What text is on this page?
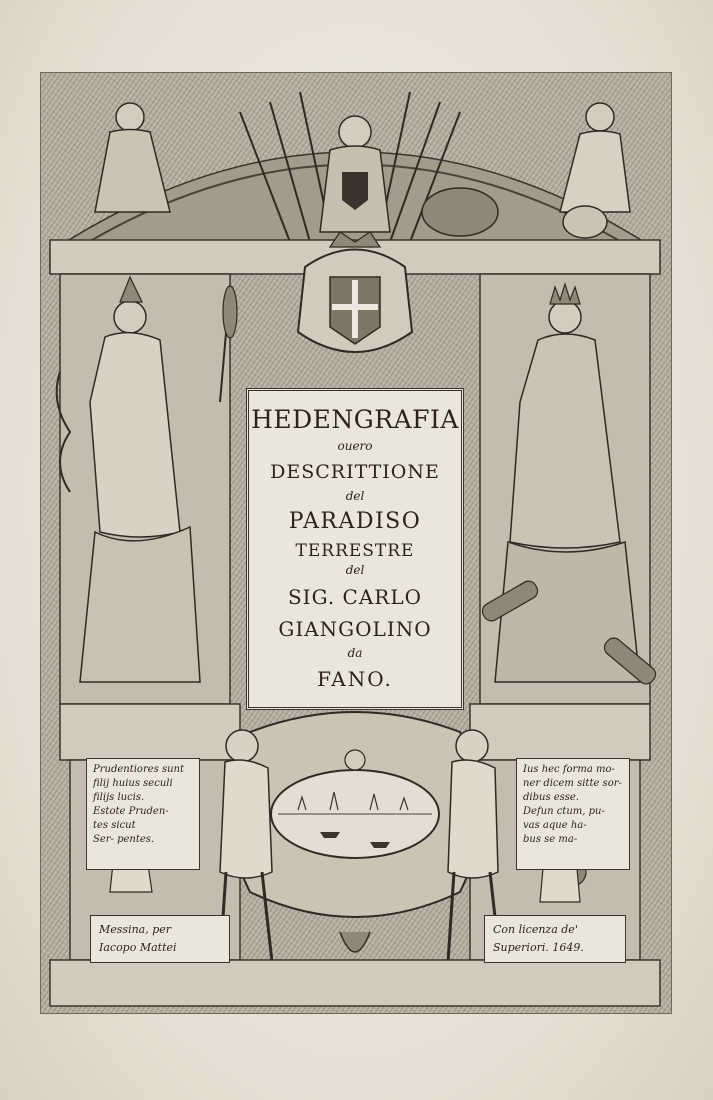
HEDENGRAFIA
ouero
DESCRITTIONE
del
PARADISO
TERRESTRE
del
SIG. CARLO
GIANGOLINO
da
FANO.
Prudentiores sunt
filij huius seculi
filijs lucis.
Estote Pruden-
tes sicut
Ser- pentes.
Ius hec forma mo-
ner dicem sitte sor-
dibus esse.
Defun ctum, pu-
vas aque ha-
bus se ma-
Messina, per
Iacopo Mattei
Con licenza de'
Superiori. 1649.
